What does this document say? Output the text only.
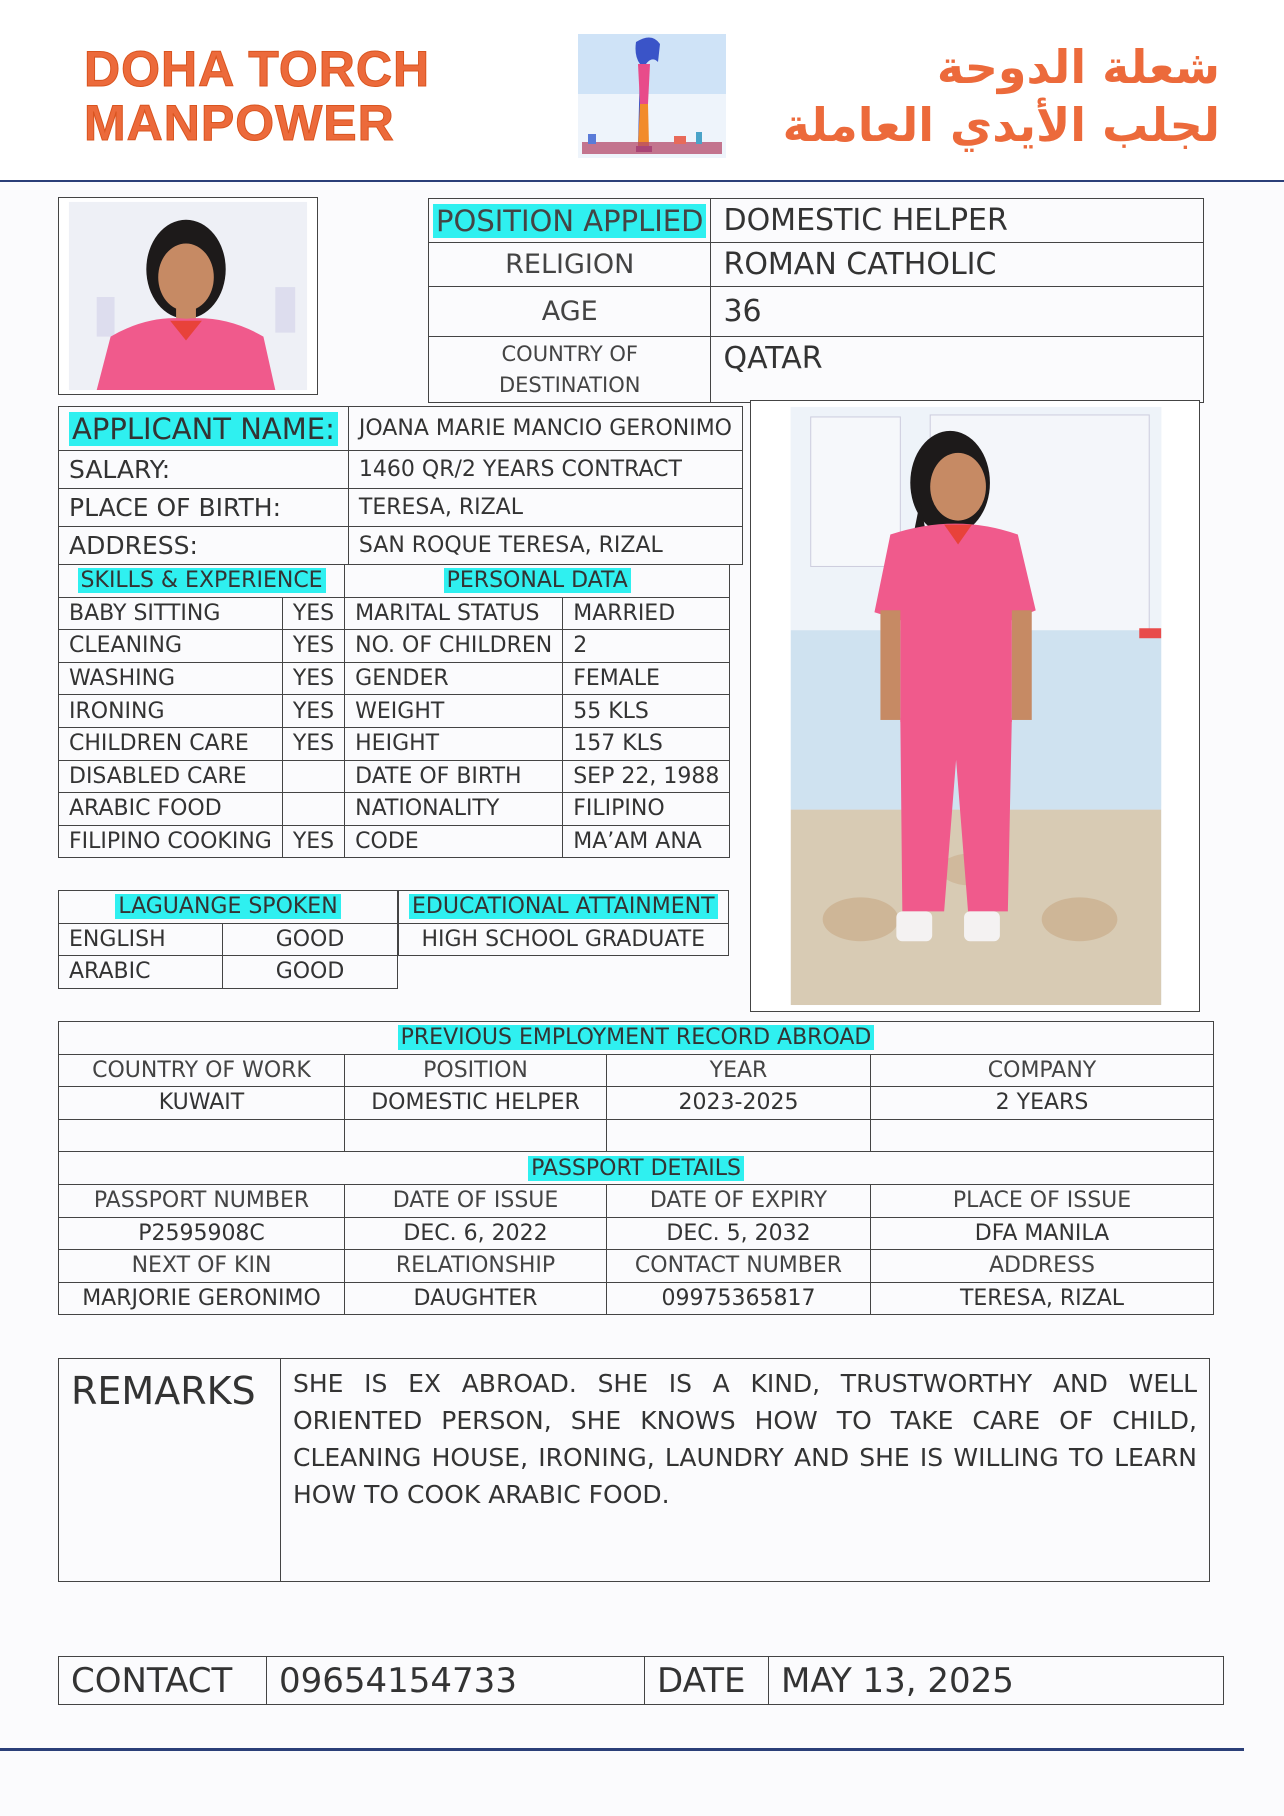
DOHA TORCH
MANPOWER
شعلة الدوحة
لجلب الأيدي العاملة
POSITION APPLIED	DOMESTIC HELPER
RELIGION	ROMAN CATHOLIC
AGE	36

COUNTRY OF
DESTINATION	QATAR
APPLICANT NAME:	JOANA MARIE MANCIO GERONIMO
SALARY:	1460 QR/2 YEARS CONTRACT
PLACE OF BIRTH:	TERESA, RIZAL
ADDRESS:	SAN ROQUE TERESA, RIZAL
SKILLS & EXPERIENCE		PERSONAL DATA	
BABY SITTING	YES	MARITAL STATUS	MARRIED
CLEANING	YES	NO. OF CHILDREN	2
WASHING	YES	GENDER	FEMALE
IRONING	YES	WEIGHT	55 KLS
CHILDREN CARE	YES	HEIGHT	157 KLS
DISABLED CARE		DATE OF BIRTH	SEP 22, 1988
ARABIC FOOD		NATIONALITY	FILIPINO
FILIPINO COOKING	YES	CODE	MA’AM ANA
LAGUANGE SPOKEN	
ENGLISH	GOOD
ARABIC	GOOD
EDUCATIONAL ATTAINMENT
HIGH SCHOOL GRADUATE
PREVIOUS EMPLOYMENT RECORD ABROAD			
COUNTRY OF WORK	POSITION	YEAR	COMPANY
KUWAIT	DOMESTIC HELPER	2023-2025	2 YEARS

PASSPORT DETAILS			
PASSPORT NUMBER	DATE OF ISSUE	DATE OF EXPIRY	PLACE OF ISSUE
P2595908C	DEC. 6, 2022	DEC. 5, 2032	DFA MANILA
NEXT OF KIN	RELATIONSHIP	CONTACT NUMBER	ADDRESS
MARJORIE GERONIMO	DAUGHTER	09975365817	TERESA, RIZAL
REMARKS	SHE IS EX ABROAD. SHE IS A KIND, TRUSTWORTHY AND WELL ORIENTED PERSON, SHE KNOWS HOW TO TAKE CARE OF CHILD, CLEANING HOUSE, IRONING, LAUNDRY AND SHE IS WILLING TO LEARN HOW TO COOK ARABIC FOOD.
CONTACT	09654154733	DATE	MAY 13, 2025
